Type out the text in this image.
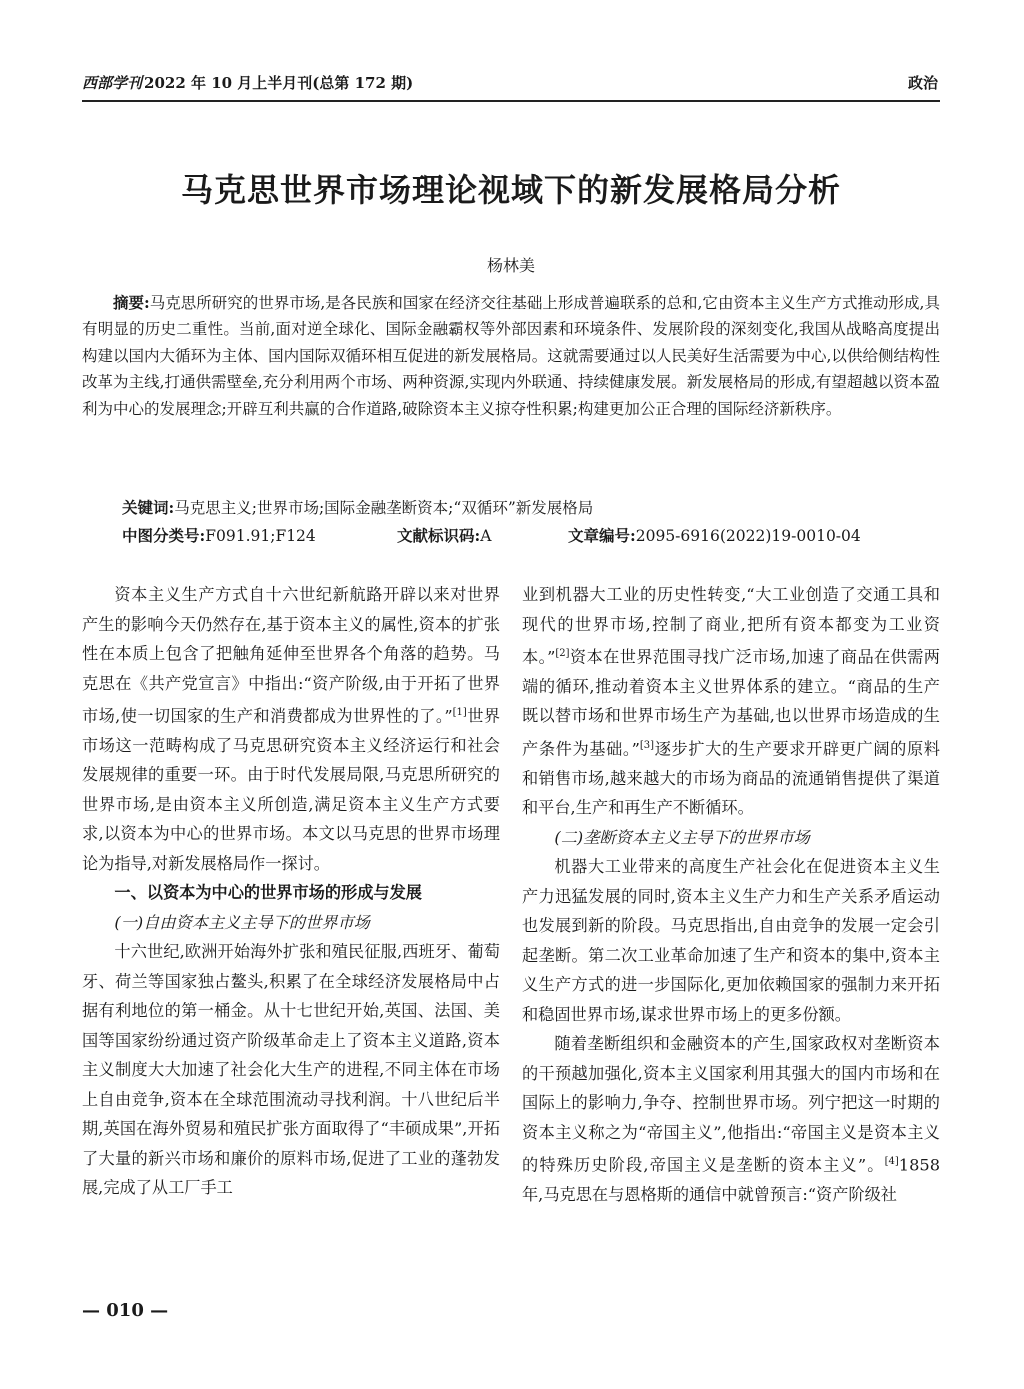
西部学刊 2022 年 10 月上半月刊(总第 172 期)	政治
马克思世界市场理论视域下的新发展格局分析
杨林美
摘要:马克思所研究的世界市场,是各民族和国家在经济交往基础上形成普遍联系的总和,它由资本主义生产方式推动形成,具有明显的历史二重性。当前,面对逆全球化、国际金融霸权等外部因素和环境条件、发展阶段的深刻变化,我国从战略高度提出构建以国内大循环为主体、国内国际双循环相互促进的新发展格局。这就需要通过以人民美好生活需要为中心,以供给侧结构性改革为主线,打通供需壁垒,充分利用两个市场、两种资源,实现内外联通、持续健康发展。新发展格局的形成,有望超越以资本盈利为中心的发展理念;开辟互利共赢的合作道路,破除资本主义掠夺性积累;构建更加公正合理的国际经济新秩序。
关键词:马克思主义;世界市场;国际金融垄断资本;“双循环”新发展格局
中图分类号:F091.91;F124	文献标识码:A	文章编号:2095-6916(2022)19-0010-04

资本主义生产方式自十六世纪新航路开辟以来对世界产生的影响今天仍然存在,基于资本主义的属性,资本的扩张性在本质上包含了把触角延伸至世界各个角落的趋势。马克思在《共产党宣言》中指出:“资产阶级,由于开拓了世界市场,使一切国家的生产和消费都成为世界性的了。”[1]世界市场这一范畴构成了马克思研究资本主义经济运行和社会发展规律的重要一环。由于时代发展局限,马克思所研究的世界市场,是由资本主义所创造,满足资本主义生产方式要求,以资本为中心的世界市场。本文以马克思的世界市场理论为指导,对新发展格局作一探讨。

一、以资本为中心的世界市场的形成与发展
(一)自由资本主义主导下的世界市场

十六世纪,欧洲开始海外扩张和殖民征服,西班牙、葡萄牙、荷兰等国家独占鳌头,积累了在全球经济发展格局中占据有利地位的第一桶金。从十七世纪开始,英国、法国、美国等国家纷纷通过资产阶级革命走上了资本主义道路,资本主义制度大大加速了社会化大生产的进程,不同主体在市场上自由竞争,资本在全球范围流动寻找利润。十八世纪后半期,英国在海外贸易和殖民扩张方面取得了“丰硕成果”,开拓了大量的新兴市场和廉价的原料市场,促进了工业的蓬勃发展,完成了从工厂手工

业到机器大工业的历史性转变,“大工业创造了交通工具和现代的世界市场,控制了商业,把所有资本都变为工业资本。”[2]资本在世界范围寻找广泛市场,加速了商品在供需两端的循环,推动着资本主义世界体系的建立。“商品的生产既以替市场和世界市场生产为基础,也以世界市场造成的生产条件为基础。”[3]逐步扩大的生产要求开辟更广阔的原料和销售市场,越来越大的市场为商品的流通销售提供了渠道和平台,生产和再生产不断循环。

(二)垄断资本主义主导下的世界市场

机器大工业带来的高度生产社会化在促进资本主义生产力迅猛发展的同时,资本主义生产力和生产关系矛盾运动也发展到新的阶段。马克思指出,自由竞争的发展一定会引起垄断。第二次工业革命加速了生产和资本的集中,资本主义生产方式的进一步国际化,更加依赖国家的强制力来开拓和稳固世界市场,谋求世界市场上的更多份额。

随着垄断组织和金融资本的产生,国家政权对垄断资本的干预越加强化,资本主义国家利用其强大的国内市场和在国际上的影响力,争夺、控制世界市场。列宁把这一时期的资本主义称之为“帝国主义”,他指出:“帝国主义是资本主义的特殊历史阶段,帝国主义是垄断的资本主义”。[4]1858 年,马克思在与恩格斯的通信中就曾预言:“资产阶级社

— 010 —
